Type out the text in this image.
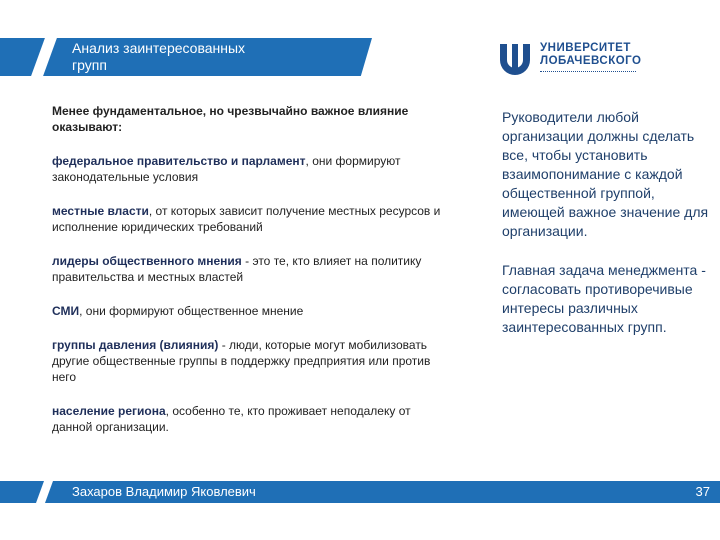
Анализ заинтересованных
групп
УНИВЕРСИТЕТ
ЛОБАЧЕВСКОГО

Менее фундаментальное, но чрезвычайно важное влияние оказывают:

федеральное правительство и парламент, они формируют законодательные условия

местные власти, от которых зависит получение местных ресурсов и исполнение юридических требований

лидеры общественного мнения - это те, кто влияет на политику правительства и местных властей

СМИ, они формируют общественное мнение

группы давления (влияния) - люди, которые могут мобилизовать другие общественные группы в поддержку предприятия или против него

население региона, особенно те, кто проживает неподалеку от данной организации.

Руководители любой организации должны сделать все, чтобы установить взаимопонимание с каждой общественной группой, имеющей важное значение для организации.

Главная задача менеджмента - согласовать противоречивые интересы различных заинтересованных групп.

Захаров Владимир Яковлевич	37
